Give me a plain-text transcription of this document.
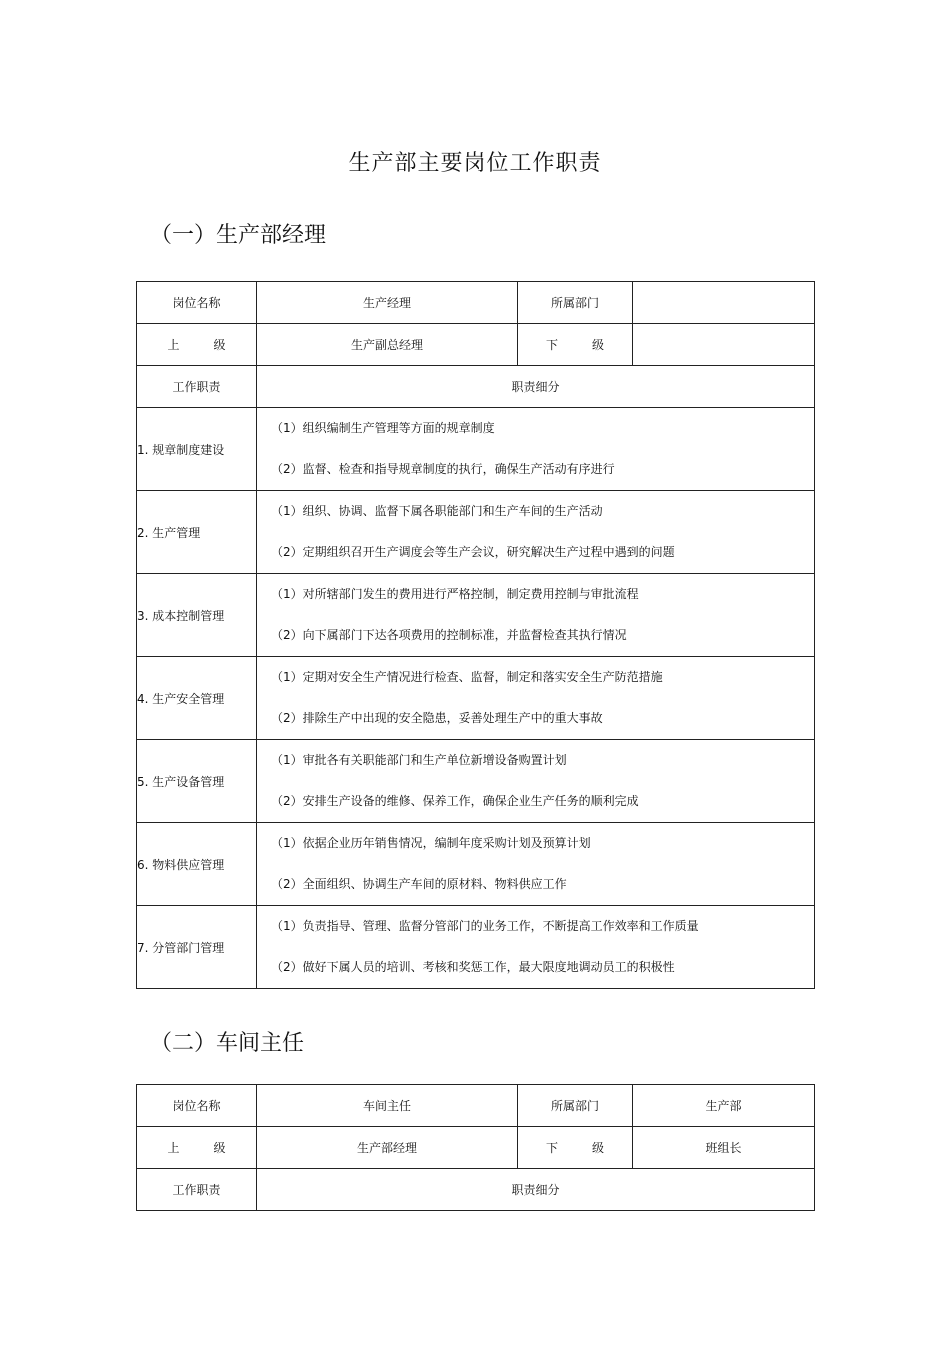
生产部主要岗位工作职责
（一）生产部经理
岗位名称	生产经理	所属部门	
上 级	生产副总经理	下 级	
工作职责	职责细分		
1. 规章制度建设	（1）组织编制生产管理等方面的规章制度
（2）监督、检查和指导规章制度的执行，确保生产活动有序进行		

2. 生产管理	（1）组织、协调、监督下属各职能部门和生产车间的生产活动
（2）定期组织召开生产调度会等生产会议，研究解决生产过程中遇到的问题		

3. 成本控制管理	（1）对所辖部门发生的费用进行严格控制，制定费用控制与审批流程
（2）向下属部门下达各项费用的控制标准，并监督检查其执行情况		

4. 生产安全管理	（1）定期对安全生产情况进行检查、监督，制定和落实安全生产防范措施
（2）排除生产中出现的安全隐患，妥善处理生产中的重大事故		

5. 生产设备管理	（1）审批各有关职能部门和生产单位新增设备购置计划
（2）安排生产设备的维修、保养工作，确保企业生产任务的顺利完成		

6. 物料供应管理	（1）依据企业历年销售情况，编制年度采购计划及预算计划
（2）全面组织、协调生产车间的原材料、物料供应工作		

7. 分管部门管理	（1）负责指导、管理、监督分管部门的业务工作，不断提高工作效率和工作质量
（2）做好下属人员的培训、考核和奖惩工作，最大限度地调动员工的积极性		
（二）车间主任
岗位名称	车间主任	所属部门	生产部
上 级	生产部经理	下 级	班组长
工作职责	职责细分		
